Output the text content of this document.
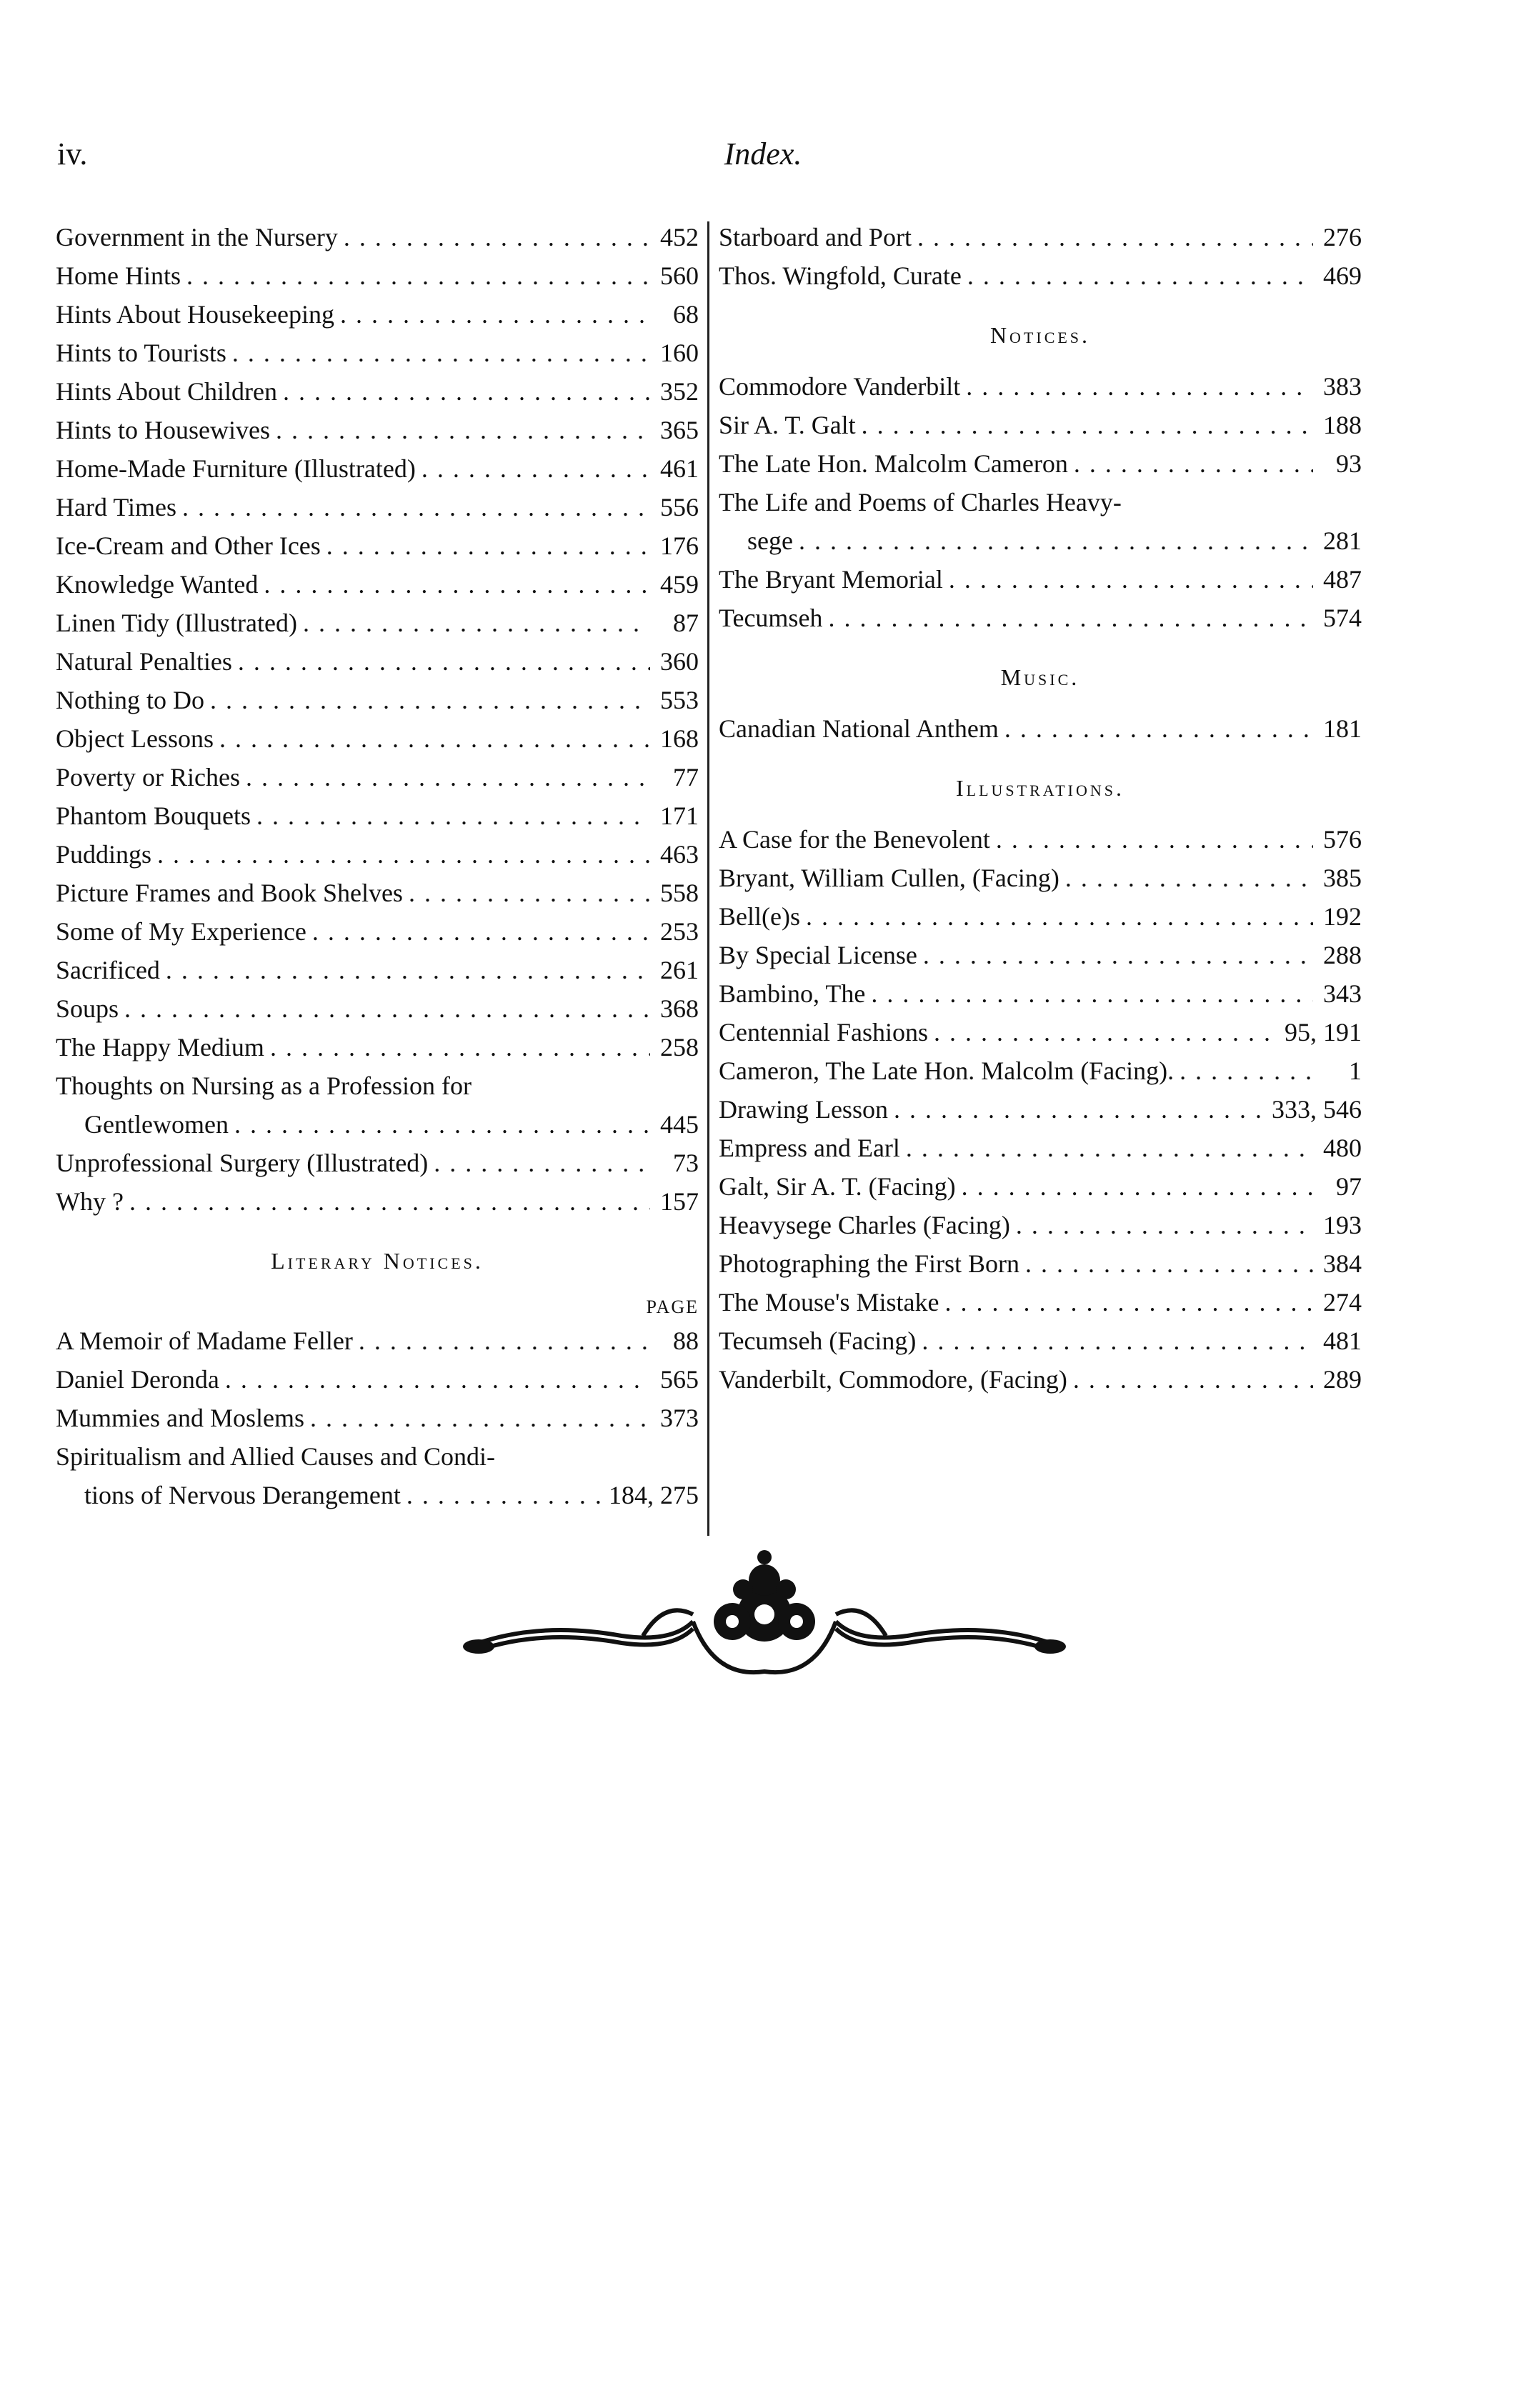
iv.	Index.
Government in the Nursery . . .	452
Home Hints . . .	560
Hints About Housekeeping . . .	68
Hints to Tourists . . .	160
Hints About Children . . .	352
Hints to Housewives . . .	365
Home-Made Furniture (Illustrated) . . .	461
Hard Times . . .	556
Ice-Cream and Other Ices . . .	176
Knowledge Wanted . . .	459
Linen Tidy (Illustrated) . . .	87
Natural Penalties . . .	360
Nothing to Do . . .	553
Object Lessons . . .	168
Poverty or Riches . . .	77
Phantom Bouquets . . .	171
Puddings . . .	463
Picture Frames and Book Shelves . . .	558
Some of My Experience . . .	253
Sacrificed . . .	261
Soups . . .	368
The Happy Medium . . .	258
Thoughts on Nursing as a Profession for
Gentlewomen . . .	445
Unprofessional Surgery (Illustrated) . . .	73
Why ? . . .	157
Literary Notices.
PAGE
A Memoir of Madame Feller . . .	88
Daniel Deronda . . .	565
Mummies and Moslems . . .	373
Spiritualism and Allied Causes and Condi-
tions of Nervous Derangement . . .	184, 275
Starboard and Port . . .	276
Thos. Wingfold, Curate . . .	469
Notices.
Commodore Vanderbilt . . .	383
Sir A. T. Galt . . .	188
The Late Hon. Malcolm Cameron . . .	93
The Life and Poems of Charles Heavy-
sege . . .	281
The Bryant Memorial . . .	487
Tecumseh . . .	574
Music.
Canadian National Anthem . . .	181
Illustrations.
A Case for the Benevolent . . .	576
Bryant, William Cullen, (Facing) . . .	385
Bell(e)s . . .	192
By Special License . . .	288
Bambino, The . . .	343
Centennial Fashions . . .	95, 191
Cameron, The Late Hon. Malcolm (Facing). . . .	1
Drawing Lesson . . .	333, 546
Empress and Earl . . .	480
Galt, Sir A. T. (Facing) . . .	97
Heavysege Charles (Facing) . . .	193
Photographing the First Born . . .	384
The Mouse's Mistake . . .	274
Tecumseh (Facing) . . .	481
Vanderbilt, Commodore, (Facing) . . .	289
